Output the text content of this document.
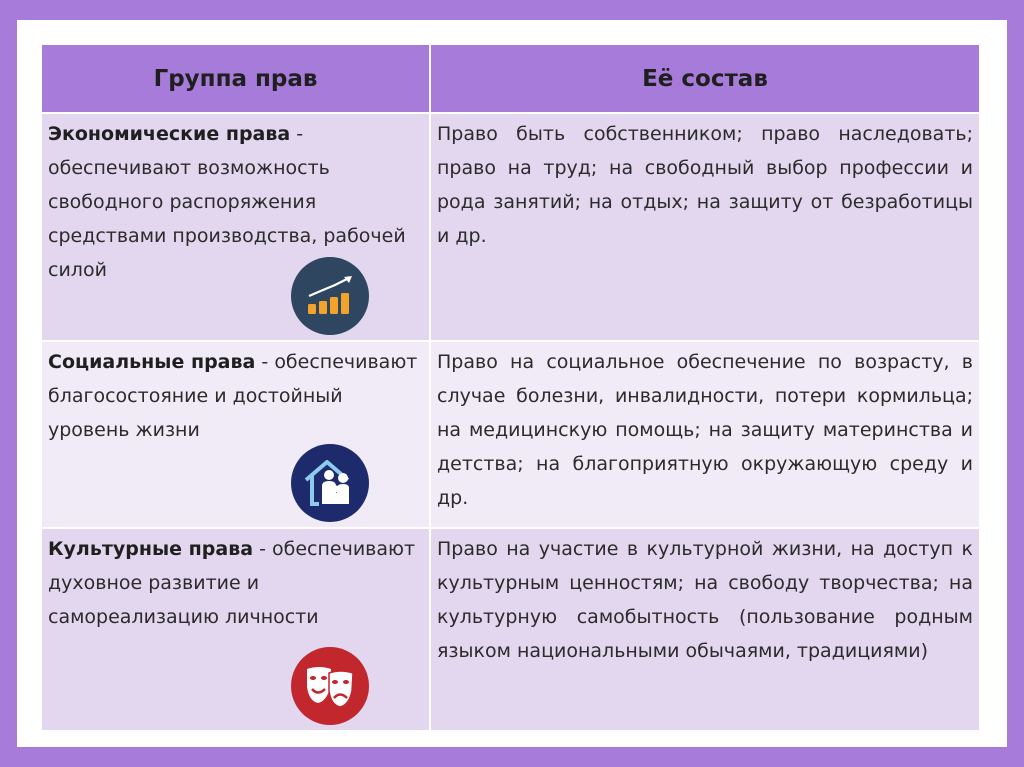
Группа прав	Её состав
Экономические права - обеспечивают возможность свободного распоряжения средствами производства, рабочей силой	Право быть собственником; право наследовать; право на труд; на свободный выбор профессии и рода занятий; на отдых; на защиту от безработицы и др.
Социальные права - обеспечивают благосостояние и достойный уровень жизни	Право на социальное обеспечение по возрасту, в случае болезни, инвалидности, потери кормильца; на медицинскую помощь; на защиту материнства и детства; на благоприятную окружающую среду и др.
Культурные права - обеспечивают духовное развитие и самореализацию личности	Право на участие в культурной жизни, на доступ к культурным ценностям; на свободу творчества; на культурную самобытность (пользование родным языком национальными обычаями, традициями)
